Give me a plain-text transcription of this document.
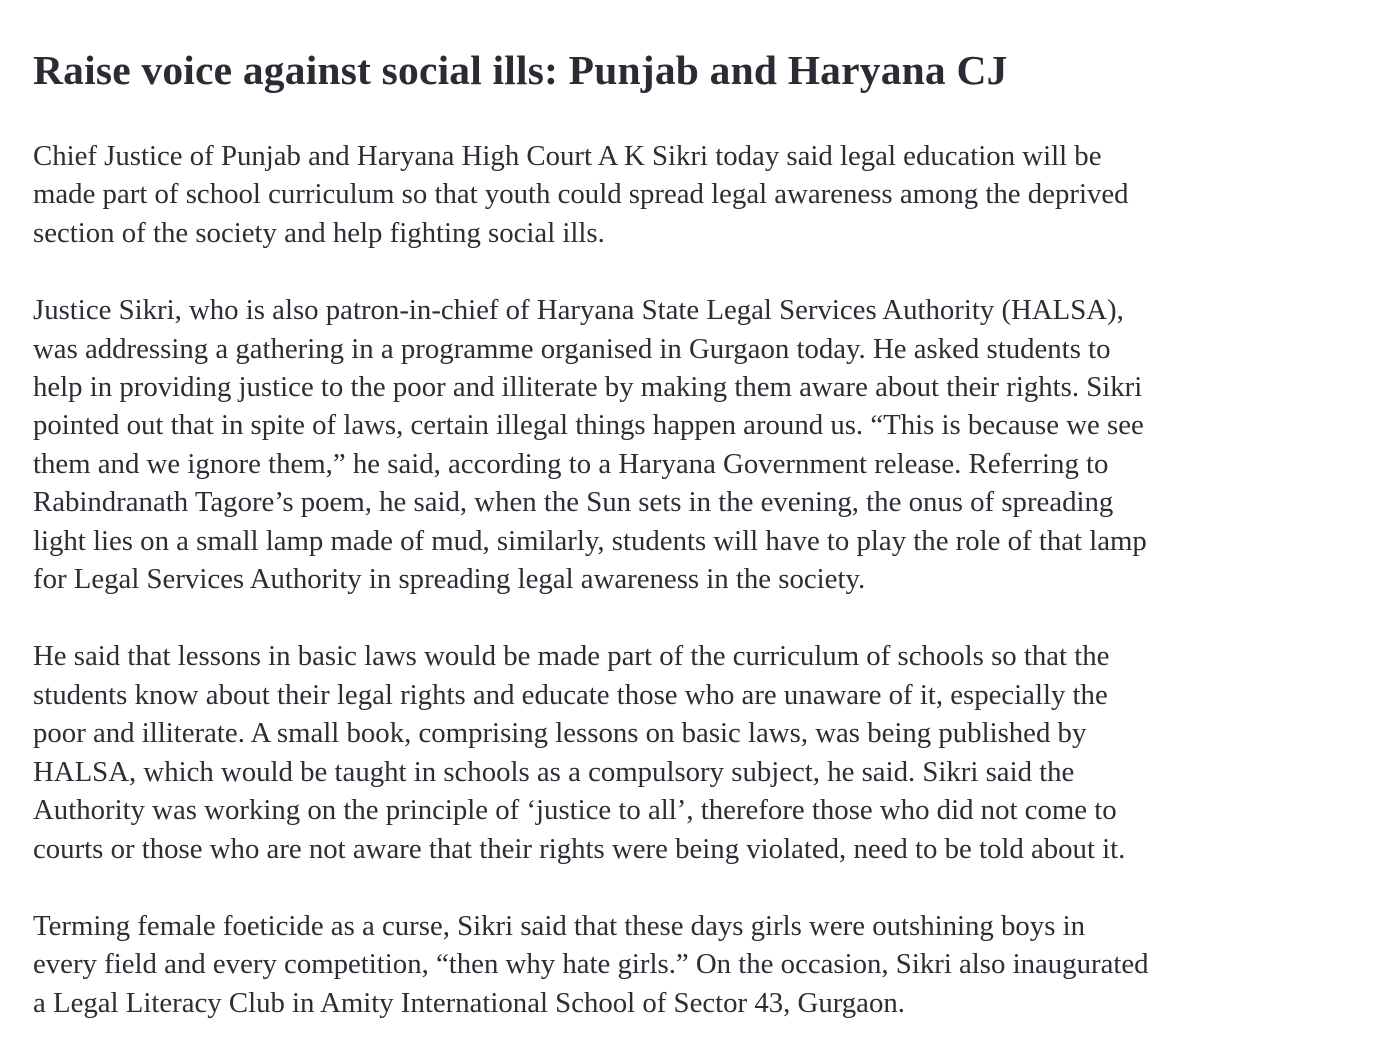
Raise voice against social ills: Punjab and Haryana CJ

Chief Justice of Punjab and Haryana High Court A K Sikri today said legal education will be
made part of school curriculum so that youth could spread legal awareness among the deprived
section of the society and help fighting social ills.

Justice Sikri, who is also patron-in-chief of Haryana State Legal Services Authority (HALSA),
was addressing a gathering in a programme organised in Gurgaon today. He asked students to
help in providing justice to the poor and illiterate by making them aware about their rights. Sikri
pointed out that in spite of laws, certain illegal things happen around us. “This is because we see
them and we ignore them,” he said, according to a Haryana Government release. Referring to
Rabindranath Tagore’s poem, he said, when the Sun sets in the evening, the onus of spreading
light lies on a small lamp made of mud, similarly, students will have to play the role of that lamp
for Legal Services Authority in spreading legal awareness in the society.

He said that lessons in basic laws would be made part of the curriculum of schools so that the
students know about their legal rights and educate those who are unaware of it, especially the
poor and illiterate. A small book, comprising lessons on basic laws, was being published by
HALSA, which would be taught in schools as a compulsory subject, he said. Sikri said the
Authority was working on the principle of ‘justice to all’, therefore those who did not come to
courts or those who are not aware that their rights were being violated, need to be told about it.

Terming female foeticide as a curse, Sikri said that these days girls were outshining boys in
every field and every competition, “then why hate girls.” On the occasion, Sikri also inaugurated
a Legal Literacy Club in Amity International School of Sector 43, Gurgaon.
